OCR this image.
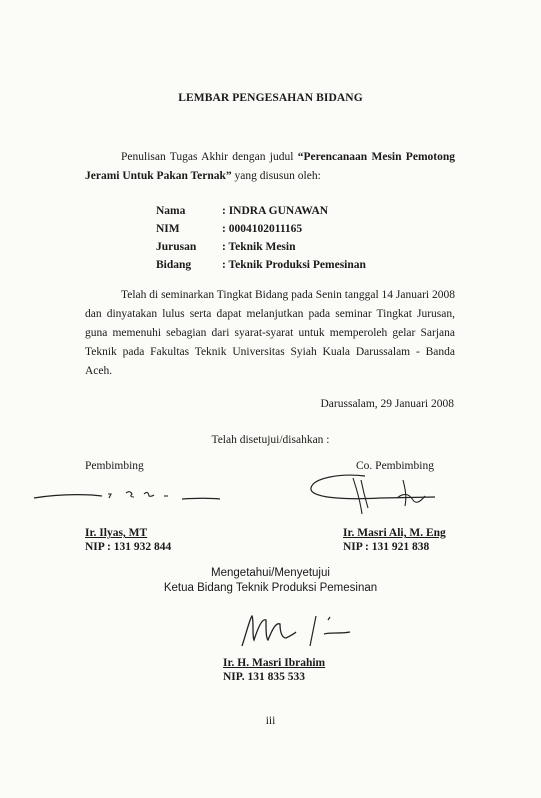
LEMBAR PENGESAHAN BIDANG

Penulisan Tugas Akhir dengan judul “Perencanaan Mesin Pemotong Jerami Untuk Pakan Ternak” yang disusun oleh:

Nama	: INDRA GUNAWAN
NIM	: 0004102011165
Jurusan	: Teknik Mesin
Bidang	: Teknik Produksi Pemesinan

Telah di seminarkan Tingkat Bidang pada Senin tanggal 14 Januari 2008 dan dinyatakan lulus serta dapat melanjutkan pada seminar Tingkat Jurusan, guna memenuhi sebagian dari syarat-syarat untuk memperoleh gelar Sarjana Teknik pada Fakultas Teknik Universitas Syiah Kuala Darussalam - Banda Aceh.

Darussalam, 29 Januari 2008
Telah disetujui/disahkan :
Pembimbing
Ir. Ilyas, MT
NIP : 131 932 844
Co. Pembimbing
Ir. Masri Ali, M. Eng
NIP : 131 921 838
Mengetahui/Menyetujui
Ketua Bidang Teknik Produksi Pemesinan
Ir. H. Masri Ibrahim
NIP. 131 835 533
iii
